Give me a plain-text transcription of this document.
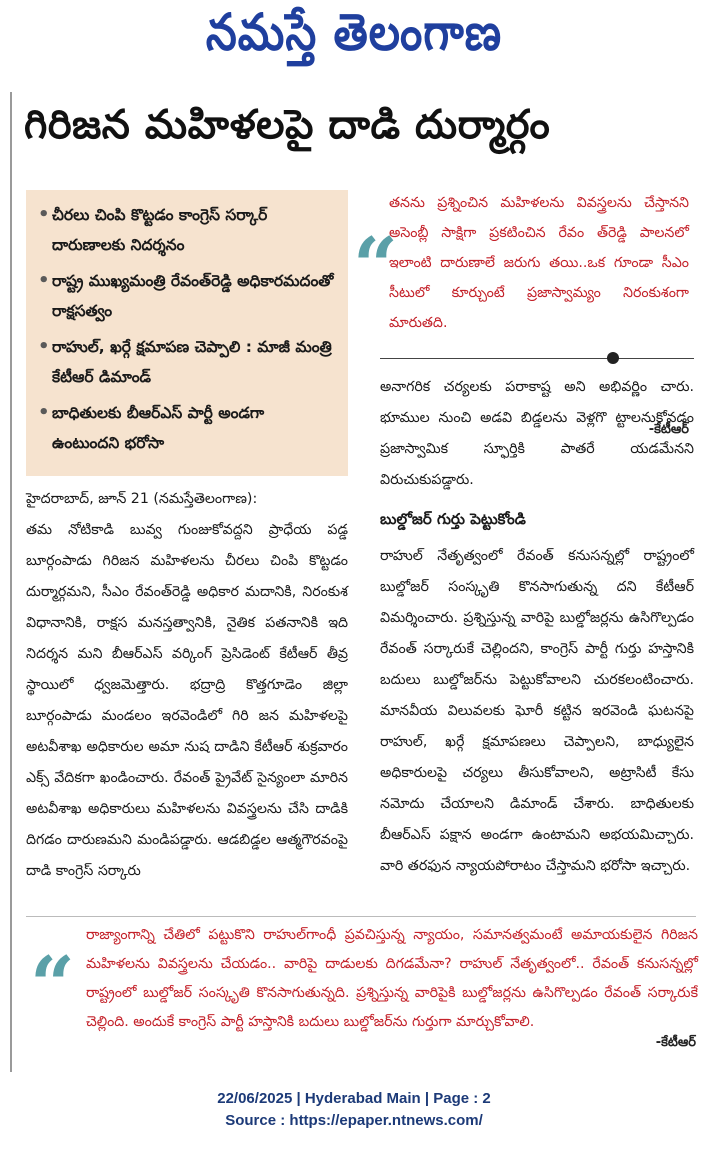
నమస్తే తెలంగాణ
గిరిజన మహిళలపై దాడి దుర్మార్గం
• చీరలు చింపి కొట్టడం కాంగ్రెస్ సర్కార్ దారుణాలకు నిదర్శనం
• రాష్ట్ర ముఖ్యమంత్రి రేవంత్‌రెడ్డి అధికారమదంతో రాక్షసత్వం
• రాహుల్, ఖర్గే క్షమాపణ చెప్పాలి : మాజీ మంత్రి కేటీఆర్ డిమాండ్
• బాధితులకు బీఆర్ఎస్ పార్టీ అండగా ఉంటుందని భరోసా
హైదరాబాద్, జూన్ 21 (నమస్తేతెలంగాణ):
తమ నోటికాడి బువ్వ గుంజుకోవద్దని ప్రాధేయ పడ్డ బూర్గంపాడు గిరిజన మహిళలను చీరలు చింపి కొట్టడం దుర్మార్గమని, సీఎం రేవంత్‌రెడ్డి అధికార మదానికి, నిరంకుశ విధానానికి, రాక్షస మనస్తత్వానికి, నైతిక పతనానికి ఇది నిదర్శన మని బీఆర్ఎస్ వర్కింగ్ ప్రెసిడెంట్ కేటీఆర్ తీవ్ర స్థాయిలో ధ్వజమెత్తారు. భద్రాద్రి కొత్తగూడెం జిల్లా బూర్గంపాడు మండలం ఇరవెండిలో గిరి జన మహిళలపై అటవీశాఖ అధికారుల అమా నుష దాడిని కేటీఆర్ శుక్రవారం ఎక్స్ వేదికగా ఖండించారు. రేవంత్ ప్రైవేట్ సైన్యంలా మారిన అటవీశాఖ అధికారులు మహిళలను వివస్త్రలను చేసి దాడికి దిగడం దారుణమని మండిపడ్డారు. ఆడబిడ్డల ఆత్మగౌరవంపై దాడి కాంగ్రెస్ సర్కారు
“
తనను ప్రశ్నించిన మహిళలను వివస్త్రలను చేస్తానని అసెంబ్లీ సాక్షిగా ప్రకటించిన రేవం త్‌రెడ్డి పాలనలో ఇలాంటి దారుణాలే జరుగు తయి..ఒక గూండా సీఎం సీటులో కూర్చుంటే ప్రజాస్వామ్యం నిరంకుశంగా మారుతది.
-కేటీఆర్

అనాగరిక చర్యలకు పరాకాష్ట అని అభివర్ణిం చారు. భూముల నుంచి అడవి బిడ్డలను వెళ్లగొ ట్టాలనుకోవడం ప్రజాస్వామిక స్ఫూర్తికి పాతరే యడమేనని విరుచుకుపడ్డారు.

బుల్డోజర్ గుర్తు పెట్టుకోండి

రాహుల్ నేతృత్వంలో రేవంత్ కనుసన్నల్లో రాష్ట్రంలో బుల్డోజర్ సంస్కృతి కొనసాగుతున్న దని కేటీఆర్ విమర్శించారు. ప్రశ్నిస్తున్న వారిపై బుల్డోజర్లను ఉసిగొల్పడం రేవంత్ సర్కారుకే చెల్లిందని, కాంగ్రెస్ పార్టీ గుర్తు హస్తానికి బదులు బుల్డోజర్‌ను పెట్టుకోవాలని చురకలంటించారు. మానవీయ విలువలకు ఘోరీ కట్టిన ఇరవెండి ఘటనపై రాహుల్, ఖర్గే క్షమాపణలు చెప్పాలని, బాధ్యులైన అధికారులపై చర్యలు తీసుకోవాలని, అట్రాసిటీ కేసు నమోదు చేయాలని డిమాండ్ చేశారు. బాధితులకు బీఆర్ఎస్ పక్షాన అండగా ఉంటామని అభయమిచ్చారు. వారి తరఫున న్యాయపోరాటం చేస్తామని భరోసా ఇచ్చారు.

“
రాజ్యాంగాన్ని చేతిలో పట్టుకొని రాహుల్‌గాంధీ ప్రవచిస్తున్న న్యాయం, సమానత్వమంటే అమాయకులైన గిరిజన మహిళలను వివస్త్రలను చేయడం.. వారిపై దాడులకు దిగడమేనా? రాహుల్ నేతృత్వంలో.. రేవంత్ కనుసన్నల్లో రాష్ట్రంలో బుల్డోజర్ సంస్కృతి కొనసాగుతున్నది. ప్రశ్నిస్తున్న వారిపైకి బుల్డోజర్లను ఉసిగొల్పడం రేవంత్ సర్కారుకే చెల్లింది. అందుకే కాంగ్రెస్ పార్టీ హస్తానికి బదులు బుల్డోజర్‌ను గుర్తుగా మార్చుకోవాలి.
-కేటీఆర్
22/06/2025 | Hyderabad Main | Page : 2
Source : https://epaper.ntnews.com/
